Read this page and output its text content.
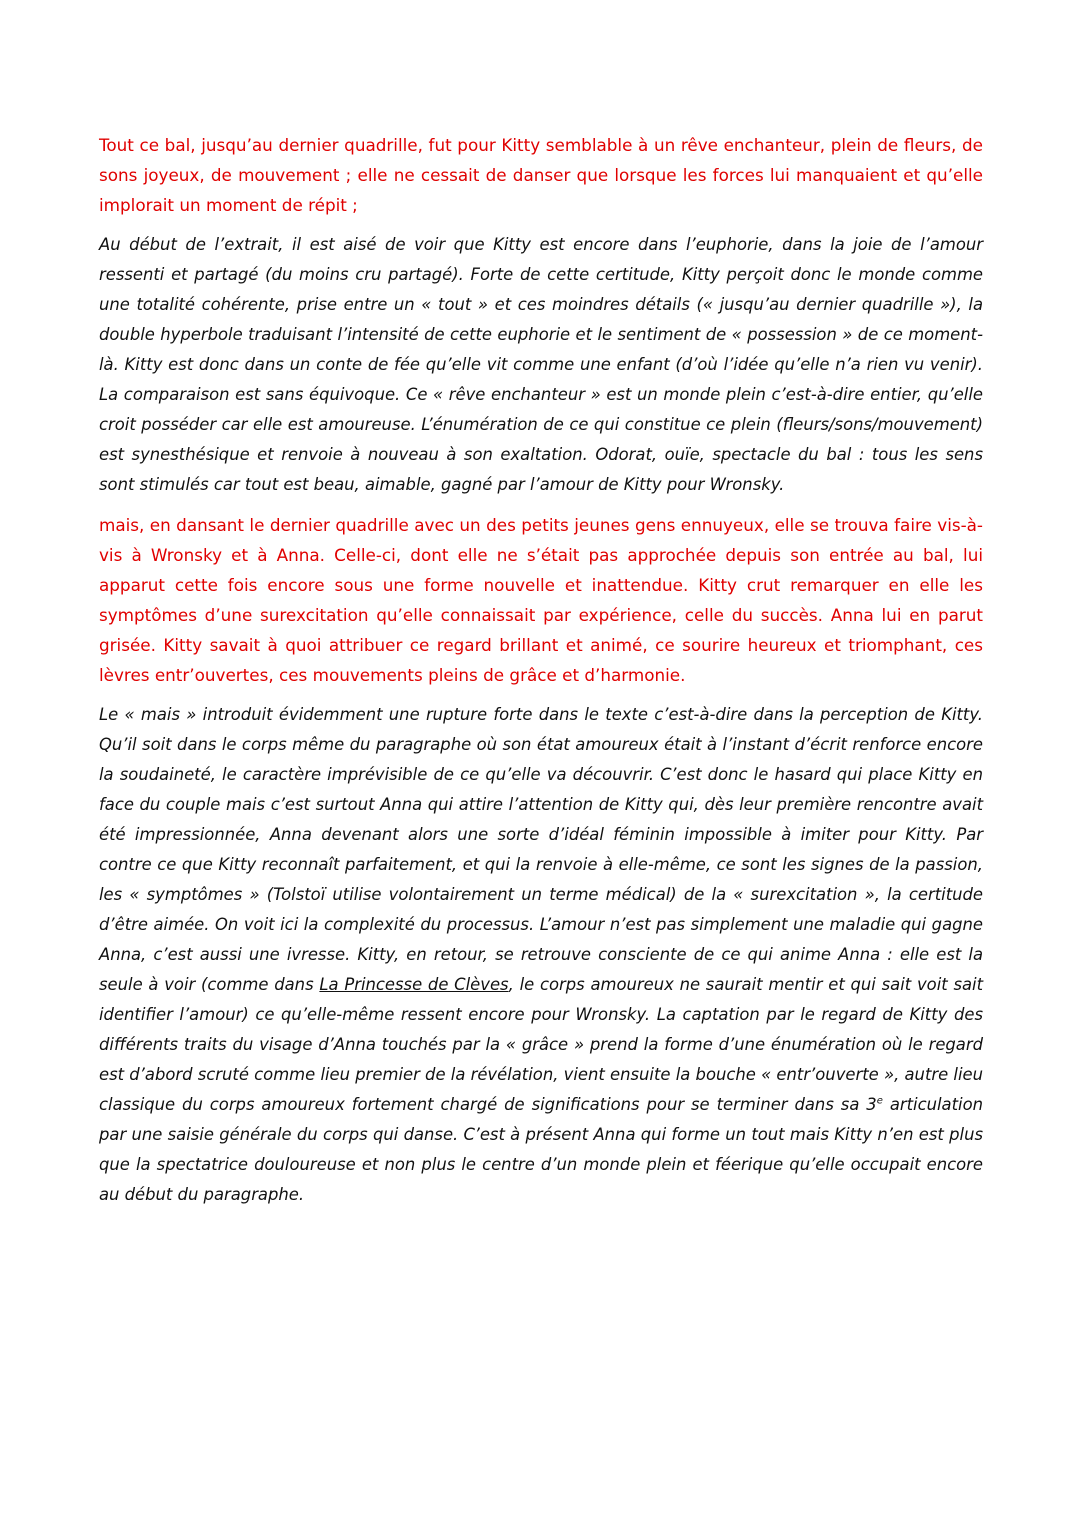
Tout ce bal, jusqu’au dernier quadrille, fut pour Kitty semblable à un rêve enchanteur, plein de fleurs, de sons joyeux, de mouvement ; elle ne cessait de danser que lorsque les forces lui manquaient et qu’elle implorait un moment de répit ;

Au début de l’extrait, il est aisé de voir que Kitty est encore dans l’euphorie, dans la joie de l’amour ressenti et partagé (du moins cru partagé). Forte de cette certitude, Kitty perçoit donc le monde comme une totalité cohérente, prise entre un « tout » et ces moindres détails (« jusqu’au dernier quadrille »), la double hyperbole traduisant l’intensité de cette euphorie et le sentiment de « possession » de ce moment-là. Kitty est donc dans un conte de fée qu’elle vit comme une enfant (d’où l’idée qu’elle n’a rien vu venir). La comparaison est sans équivoque. Ce « rêve enchanteur » est un monde plein c’est-à-dire entier, qu’elle croit posséder car elle est amoureuse. L’énumération de ce qui constitue ce plein (fleurs/sons/mouvement) est synesthésique et renvoie à nouveau à son exaltation. Odorat, ouïe, spectacle du bal : tous les sens sont stimulés car tout est beau, aimable, gagné par l’amour de Kitty pour Wronsky.

mais, en dansant le dernier quadrille avec un des petits jeunes gens ennuyeux, elle se trouva faire vis-à-vis à Wronsky et à Anna. Celle-ci, dont elle ne s’était pas approchée depuis son entrée au bal, lui apparut cette fois encore sous une forme nouvelle et inattendue. Kitty crut remarquer en elle les symptômes d’une surexcitation qu’elle connaissait par expérience, celle du succès. Anna lui en parut grisée. Kitty savait à quoi attribuer ce regard brillant et animé, ce sourire heureux et triomphant, ces lèvres entr’ouvertes, ces mouvements pleins de grâce et d’harmonie.

Le « mais » introduit évidemment une rupture forte dans le texte c’est-à-dire dans la perception de Kitty. Qu’il soit dans le corps même du paragraphe où son état amoureux était à l’instant d’écrit renforce encore la soudaineté, le caractère imprévisible de ce qu’elle va découvrir. C’est donc le hasard qui place Kitty en face du couple mais c’est surtout Anna qui attire l’attention de Kitty qui, dès leur première rencontre avait été impressionnée, Anna devenant alors une sorte d’idéal féminin impossible à imiter pour Kitty. Par contre ce que Kitty reconnaît parfaitement, et qui la renvoie à elle-même, ce sont les signes de la passion, les « symptômes » (Tolstoï utilise volontairement un terme médical) de la « surexcitation », la certitude d’être aimée. On voit ici la complexité du processus. L’amour n’est pas simplement une maladie qui gagne Anna, c’est aussi une ivresse. Kitty, en retour, se retrouve consciente de ce qui anime Anna : elle est la seule à voir (comme dans La Princesse de Clèves, le corps amoureux ne saurait mentir et qui sait voit sait identifier l’amour) ce qu’elle-même ressent encore pour Wronsky. La captation par le regard de Kitty des différents traits du visage d’Anna touchés par la « grâce » prend la forme d’une énumération où le regard est d’abord scruté comme lieu premier de la révélation, vient ensuite la bouche « entr’ouverte », autre lieu classique du corps amoureux fortement chargé de significations pour se terminer dans sa 3e articulation par une saisie générale du corps qui danse. C’est à présent Anna qui forme un tout mais Kitty n’en est plus que la spectatrice douloureuse et non plus le centre d’un monde plein et féerique qu’elle occupait encore au début du paragraphe.
